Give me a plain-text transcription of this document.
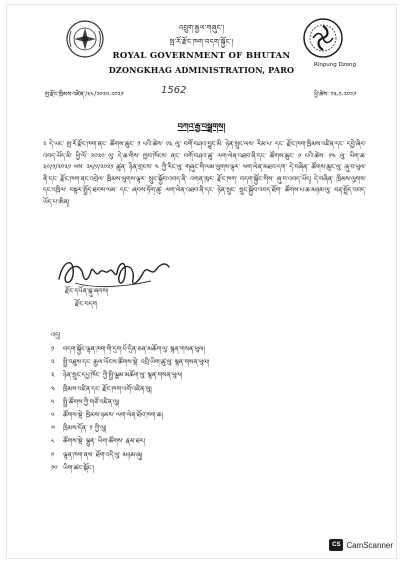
འབྲུག་རྒྱལ་གཞུང་།
སྤ་རོ་རྫོང་ཁག་བདག་སྐྱོང་།
ROYAL GOVERNMENT OF BHUTAN
DZONGKHAG ADMINISTRATION, PARO	Rinpung Dzong
སྤ་རྫོང་ཁྲིམས་འཛིན་/༣༤/༢༠༢༠-༢༠༢༡	1562	ཕྱི་ཚེས་ ༡༣-༡-༢༠༢༡
བཀའ་རྒྱ་བསྒྲགས།
༢ དེ་ཡང་ སྤ་རོ་རྫོང་ཁག་ནང་ ཚོགས་ཆུང་ ༡ པའི་ཚེས་ ༡༣ ལུ་ བགོ་བཤའ་བྱུང་མི་ ཉེན་སྲུང་ལས་ རིམ་པ་ དང་ རྫོང་ཁག་ཁྲིམས་འཛིན་དང་ དབྱེ་ཞིབ་འབད་ཡོད་མི་ ཕྱི་ལོ་ ༢༠༢༠ ལུ་ དེ་ཆ་གིས་ ཁྱབ་ཁོངས་ ནང་ བགོ་བཤའ་ཚུ་ ལག་ལེན་འཐབ་ནི་དང་ ཚོགས་ཆུང་ ༡ པའི་ཚེས་ ༡༤ ལུ་ ཡིག་ཆ་ ༣༠/༡/༢༠༢༡ ལས་ ༢༥/༡/༢༠༢༡ ཚུན་ ཉིན་གྲངས་ ༤ ཀྱི་རིང་ལུ་ གཞུང་གི་ལམ་ལུགས་ལྟར་ ལག་ལེན་མཐའ་དག་ དེ་བཞིན་ ཚོགས་ཆུང་ལུ་ ཞུ་བ་ཕུལ་ནི་དང་ རྫོང་ཁག་ནང་འབྲེལ་ ཁྲིམས་ལུགས་ལྟར་ སྲུང་སྐྱོབ་འབད་ནི་ འགན་ཁུར་ རྫོང་ཁག་ བདག་སྐྱོང་གིས་ ཞུ་བ་འབད་ཡོད། དེ་བཞིན་ ཁྲིམས་ལུགས་དང་འཁྲིལ་ བསྟར་སྤྱོད་ཐབས་ལམ་ དང་ ཞབས་ཏོག་ཚུ་ ལག་ལེན་འཐབ་ནི་དང་ ཉེན་སྲུང་ སྲུང་སྐྱོབ་འབད་ཐོག་ ཚོགས་པ་ཆ་མཉམ་ལུ་ བརྡ་སྤྲོད་འབད་ཡོད་པ་ཨིན།
རྫོང་དཔོན་སྐུ་ཞབས།
རྫོང་བདག
འདྲ།
༡ བདག་སྐྱོང་ལྷན་ཁག་གི་དྲག་པོ་དྲིན་ཅན་མཆོག་ལུ་ སྙན་གསན་ཕུལ།
༢ སྤྱི་འཐུས་དང་ རྒྱལ་ཡོངས་ཚོགས་སྡེ་ འབྲི་ཡིག་ཚུ་ལུ་ སྙན་གསན་ཕུལ།
༣ ཉེན་སྲུང་དཔྱ་ཁོང་ ཀྱི་སྤྱི་ལྕམ་མཆོག་ལུ་ སྙན་གསན་ཕུལ།
༤ ཁྲིམས་འཛིན་དང་ རྫོང་ཁག་འགོ་འཛིན་ལུ།
༥ སྤྱི་ཚོགས་ཀྱི་གཙོ་འཛིན་ལུ།
༦ ཚོགས་སྡེ་ ཁྲིམས་ཉམས་ ལག་ལེན་ཐོབ་ཁག་ཆ།
༧ ཁྲིམས་དོན་ ༡ ཀྱི་ལུ།
༨ ཚོགས་སྡེ་ ལྷུན་ ཡིག་ཚོགས་ རྣམ་ཐར།
༩ ལྷན་ཁག་ནས་ ཐོག་འདི་ལུ་ མཉམ་ཞུ།
༡༠ ཡིག་ཚང་སྐོང་།
CS CamScanner
